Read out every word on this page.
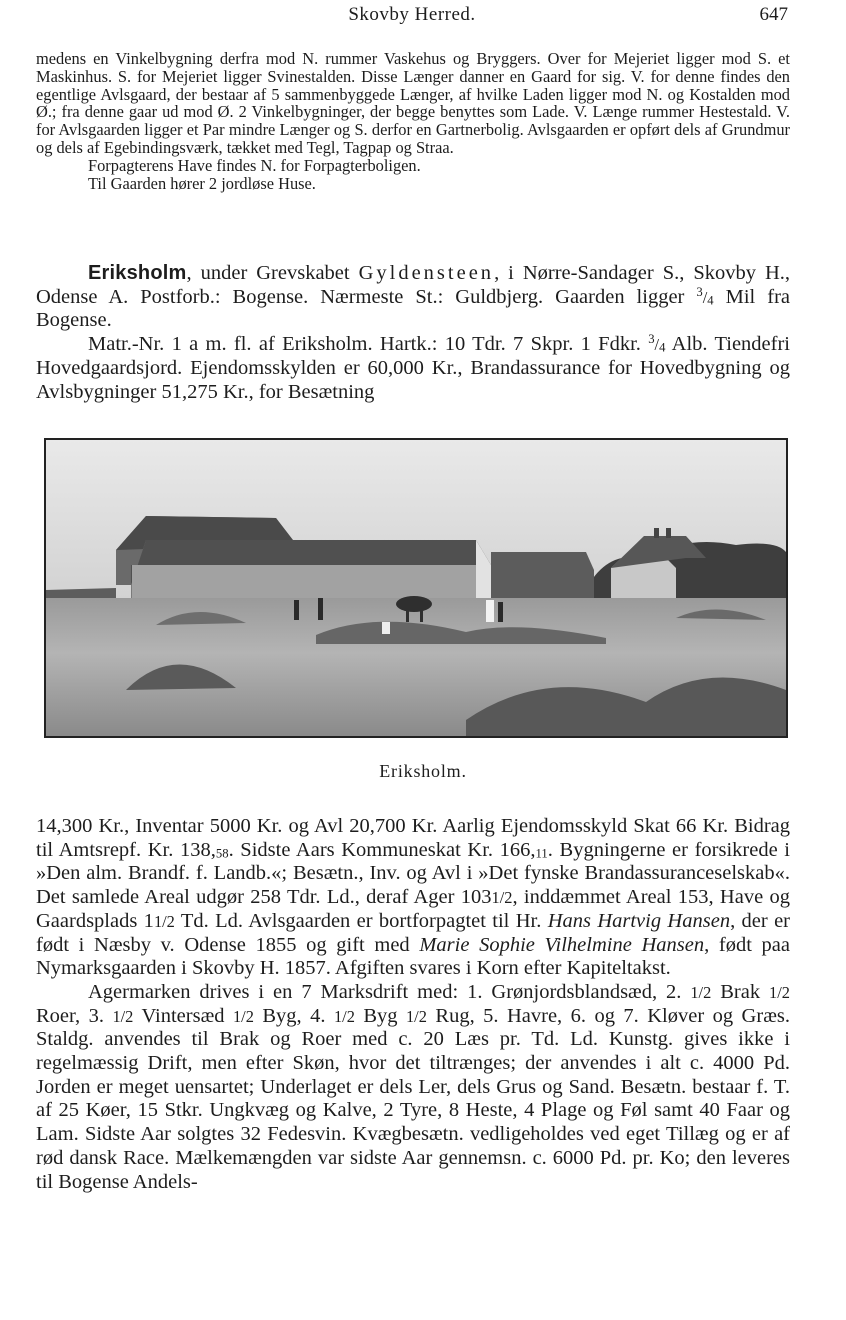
Skovby Herred.	647

medens en Vinkelbygning derfra mod N. rummer Vaskehus og Bryggers. Over for Mejeriet ligger mod S. et Maskinhus. S. for Mejeriet ligger Svinestalden. Disse Længer danner en Gaard for sig. V. for denne findes den egentlige Avlsgaard, der bestaar af 5 sammenbyggede Længer, af hvilke Laden ligger mod N. og Kostalden mod Ø.; fra denne gaar ud mod Ø. 2 Vinkelbygninger, der begge benyttes som Lade. V. Længe rummer Hestestald. V. for Avlsgaarden ligger et Par mindre Længer og S. derfor en Gartnerbolig. Avlsgaarden er opført dels af Grundmur og dels af Egebindingsværk, tækket med Tegl, Tagpap og Straa.

Forpagterens Have findes N. for Forpagterboligen.

Til Gaarden hører 2 jordløse Huse.

Eriksholm, under Grevskabet Gyldensteen, i Nørre-Sandager S., Skovby H., Odense A. Postforb.: Bogense. Nærmeste St.: Guldbjerg. Gaarden ligger $^3/_4$ Mil fra Bogense.

Matr.-Nr. 1 a m. fl. af Eriksholm. Hartk.: 10 Tdr. 7 Skpr. 1 Fdkr. $^3/_4$ Alb. Tiendefri Hovedgaardsjord. Ejendomsskylden er 60,000 Kr., Brandassurance for Hovedbygning og Avlsbygninger 51,275 Kr., for Besætning

Eriksholm.

14,300 Kr., Inventar 5000 Kr. og Avl 20,700 Kr. Aarlig Ejendomsskyld Skat 66 Kr. Bidrag til Amtsrepf. Kr. $138,_{58}$. Sidste Aars Kommuneskat Kr. $166,_{11}$. Bygningerne er forsikrede i »Den alm. Brandf. f. Landb.«; Besætn., Inv. og Avl i »Det fynske Brandassuranceselskab«. Det samlede Areal udgør 258 Tdr. Ld., deraf Ager 1031/2, inddæmmet Areal 153, Have og Gaardsplads 11/2 Td. Ld. Avlsgaarden er bortforpagtet til Hr. Hans Hartvig Hansen, der er født i Næsby v. Odense 1855 og gift med Marie Sophie Vilhelmine Hansen, født paa Nymarksgaarden i Skovby H. 1857. Afgiften svares i Korn efter Kapiteltakst.

Agermarken drives i en 7 Marksdrift med: 1. Grønjordsblandsæd, 2. 1/2 Brak 1/2 Roer, 3. 1/2 Vintersæd 1/2 Byg, 4. 1/2 Byg 1/2 Rug, 5. Havre, 6. og 7. Kløver og Græs. Staldg. anvendes til Brak og Roer med c. 20 Læs pr. Td. Ld. Kunstg. gives ikke i regelmæssig Drift, men efter Skøn, hvor det tiltrænges; der anvendes i alt c. 4000 Pd. Jorden er meget uensartet; Underlaget er dels Ler, dels Grus og Sand. Besætn. bestaar f. T. af 25 Køer, 15 Stkr. Ungkvæg og Kalve, 2 Tyre, 8 Heste, 4 Plage og Føl samt 40 Faar og Lam. Sidste Aar solgtes 32 Fedesvin. Kvægbesætn. vedligeholdes ved eget Tillæg og er af rød dansk Race. Mælkemængden var sidste Aar gennemsn. c. 6000 Pd. pr. Ko; den leveres til Bogense Andels-
